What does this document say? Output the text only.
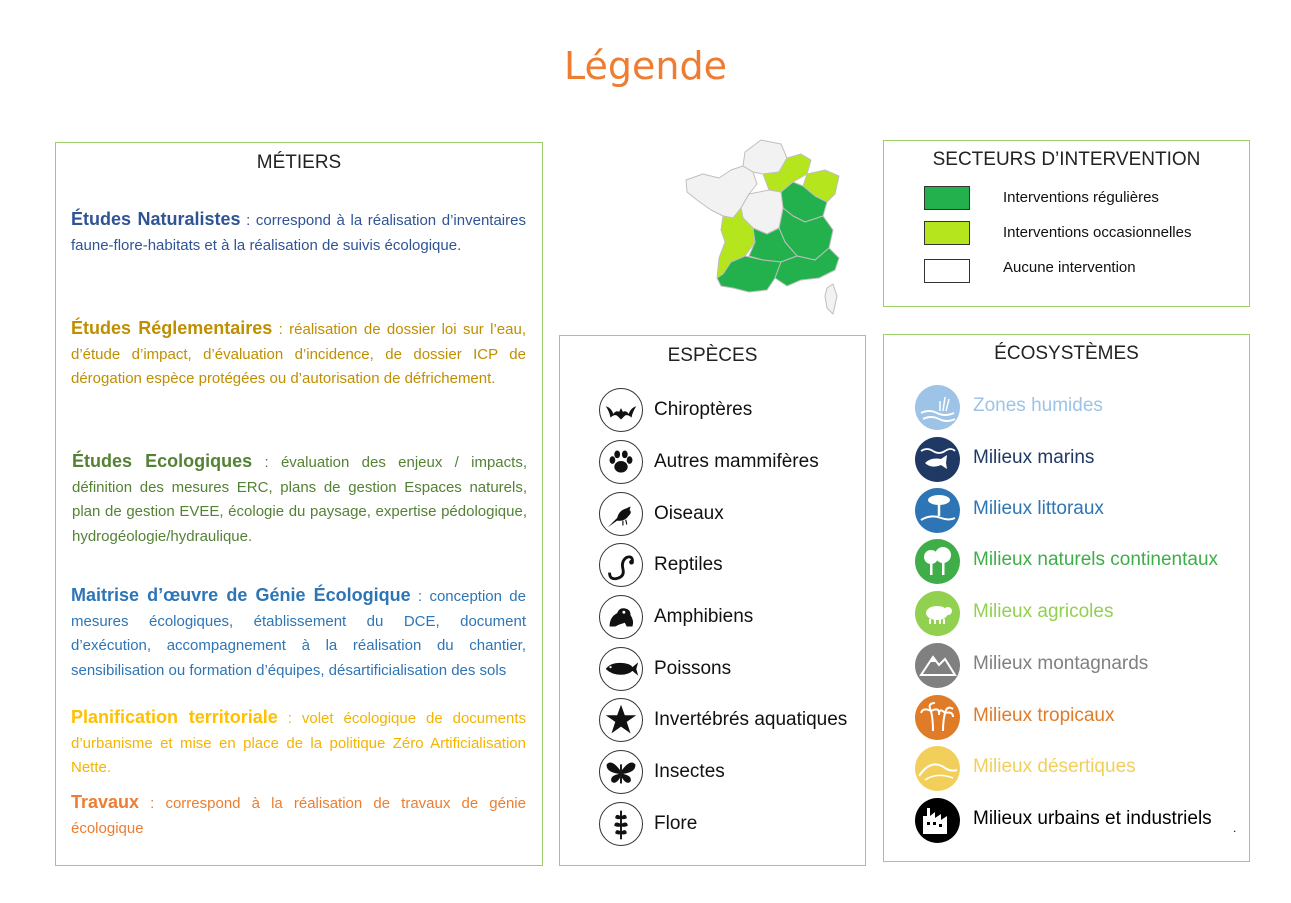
Légende
MÉTIERS
Études Naturalistes : correspond à la réalisation d’inventaires faune-flore-habitats et à la réalisation de suivis écologique.
Études Réglementaires : réalisation de dossier loi sur l’eau, d’étude d’impact, d’évaluation d’incidence, de dossier ICP de dérogation espèce protégées ou d’autorisation de défrichement.
Études Ecologiques : évaluation des enjeux / impacts, définition des mesures ERC, plans de gestion Espaces naturels, plan de gestion EVEE, écologie du paysage, expertise pédologique, hydrogéologie/hydraulique.
Maitrise d’œuvre de Génie Écologique : conception de mesures écologiques, établissement du DCE, document d’exécution, accompagnement à la réalisation du chantier, sensibilisation ou formation d’équipes, désartificialisation des sols
Planification territoriale : volet écologique de documents d’urbanisme et mise en place de la politique Zéro Artificialisation Nette.
Travaux : correspond à la réalisation de travaux de génie écologique
SECTEURS D’INTERVENTION
Interventions régulières
Interventions occasionnelles
Aucune intervention
ESPÈCES
Chiroptères
Autres mammifères
Oiseaux
Reptiles
Amphibiens
Poissons
Invertébrés aquatiques
Insectes
Flore
ÉCOSYSTÈMES
Zones humides
Milieux marins
Milieux littoraux
Milieux naturels continentaux
Milieux agricoles
Milieux montagnards
Milieux tropicaux
Milieux désertiques
Milieux urbains et industriels .
